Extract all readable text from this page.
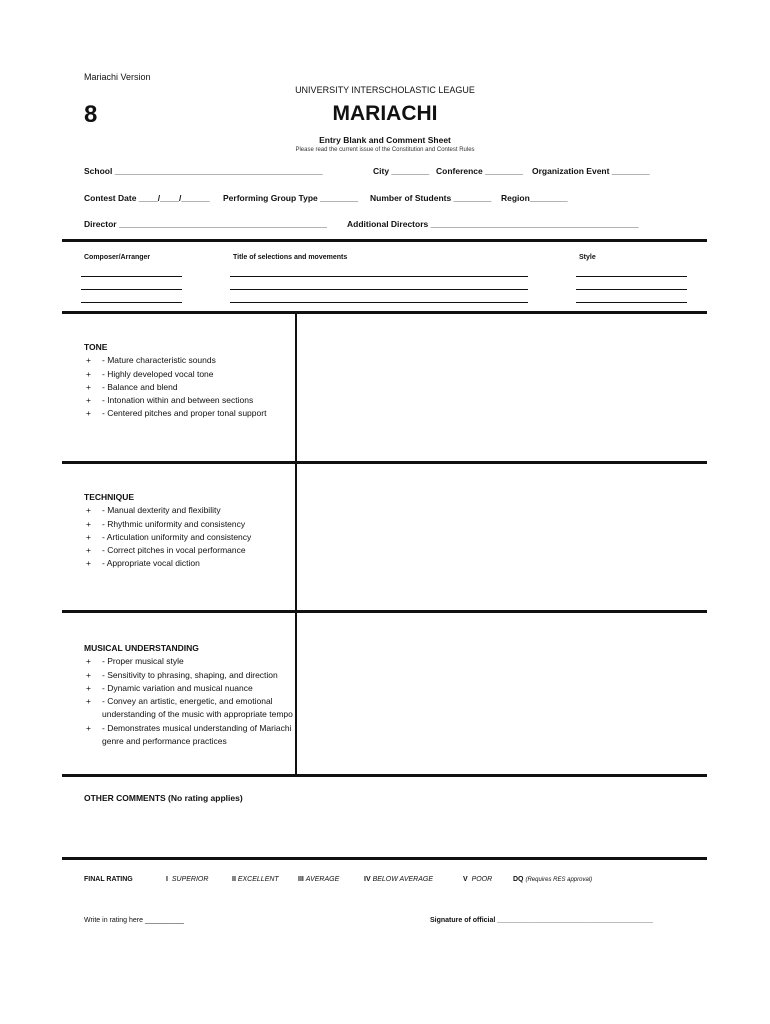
Mariachi Version
UNIVERSITY INTERSCHOLASTIC LEAGUE
8	MARIACHI
Entry Blank and Comment Sheet
Please read the current issue of the Constitution and Contest Rules
School ____________________________________________	City ________ Conference ________ Organization Event ________
Contest Date ____/____/______ Performing Group Type ________ Number of Students ________ Region________
Director ____________________________________________ Additional Directors ____________________________________________
Composer/Arranger	Title of selections and movements	Style
TONE
+ - Mature characteristic sounds
+ - Highly developed vocal tone
+ - Balance and blend
+ - Intonation within and between sections
+ - Centered pitches and proper tonal support
TECHNIQUE
+ - Manual dexterity and flexibility
+ - Rhythmic uniformity and consistency
+ - Articulation uniformity and consistency
+ - Correct pitches in vocal performance
+ - Appropriate vocal diction
MUSICAL UNDERSTANDING
+ - Proper musical style
+ - Sensitivity to phrasing, shaping, and direction
+ - Dynamic variation and musical nuance
+ - Convey an artistic, energetic, and emotional understanding of the music with appropriate tempo
+ - Demonstrates musical understanding of Mariachi genre and performance practices
OTHER COMMENTS (No rating applies)
FINAL RATING	I SUPERIOR	II EXCELLENT	III AVERAGE	IV BELOW AVERAGE	V POOR	DQ (Requires RES approval)
Write in rating here __________	Signature of official ________________________________________
